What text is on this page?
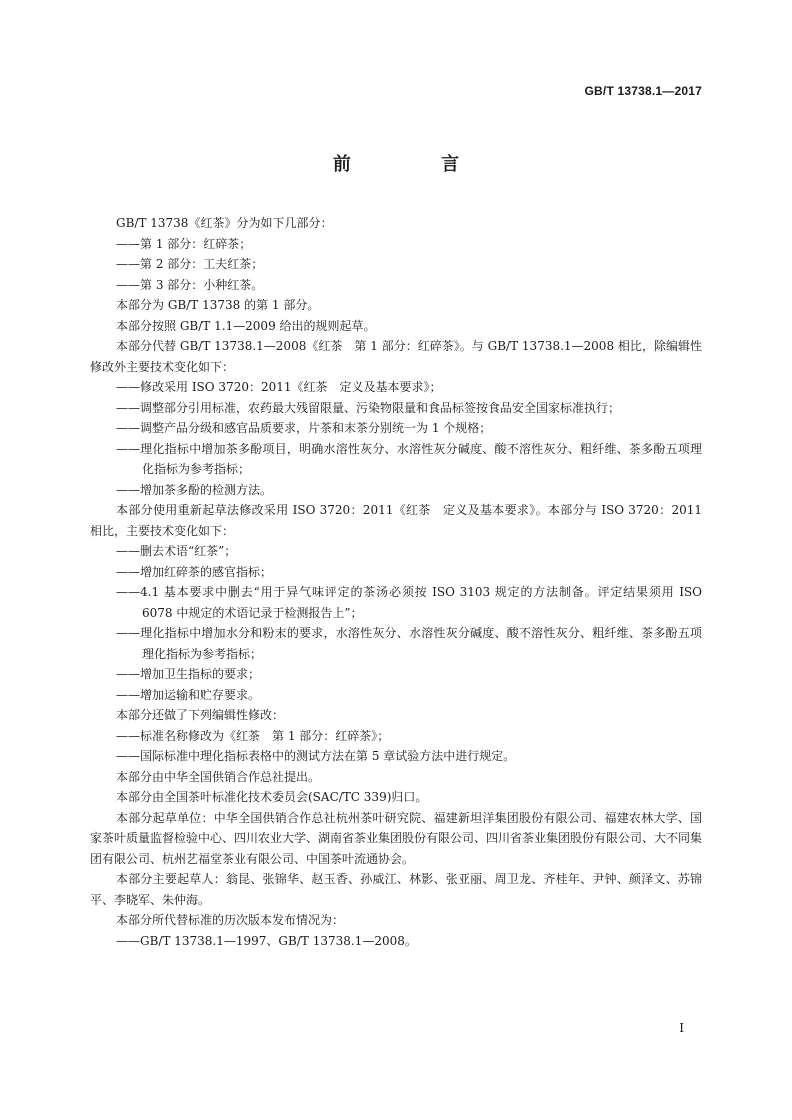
GB/T 13738.1—2017
前 言

GB/T 13738《红茶》分为如下几部分：

——第 1 部分：红碎茶；

——第 2 部分：工夫红茶；

——第 3 部分：小种红茶。

本部分为 GB/T 13738 的第 1 部分。

本部分按照 GB/T 1.1—2009 给出的规则起草。

本部分代替 GB/T 13738.1—2008《红茶　第 1 部分：红碎茶》。与 GB/T 13738.1—2008 相比，除编辑性修改外主要技术变化如下：

——修改采用 ISO 3720：2011《红茶　定义及基本要求》；

——调整部分引用标准，农药最大残留限量、污染物限量和食品标签按食品安全国家标准执行；

——调整产品分级和感官品质要求，片茶和末茶分别统一为 1 个规格；

——理化指标中增加茶多酚项目，明确水溶性灰分、水溶性灰分碱度、酸不溶性灰分、粗纤维、茶多酚五项理化指标为参考指标；

——增加茶多酚的检测方法。

本部分使用重新起草法修改采用 ISO 3720：2011《红茶　定义及基本要求》。本部分与 ISO 3720：2011 相比，主要技术变化如下：

——删去术语“红茶”；

——增加红碎茶的感官指标；

——4.1 基本要求中删去“用于异气味评定的茶汤必须按 ISO 3103 规定的方法制备。评定结果须用 ISO 6078 中规定的术语记录于检测报告上”；

——理化指标中增加水分和粉末的要求，水溶性灰分、水溶性灰分碱度、酸不溶性灰分、粗纤维、茶多酚五项理化指标为参考指标；

——增加卫生指标的要求；

——增加运输和贮存要求。

本部分还做了下列编辑性修改：

——标准名称修改为《红茶　第 1 部分：红碎茶》；

——国际标准中理化指标表格中的测试方法在第 5 章试验方法中进行规定。

本部分由中华全国供销合作总社提出。

本部分由全国茶叶标准化技术委员会(SAC/TC 339)归口。

本部分起草单位：中华全国供销合作总社杭州茶叶研究院、福建新坦洋集团股份有限公司、福建农林大学、国家茶叶质量监督检验中心、四川农业大学、湖南省茶业集团股份有限公司、四川省茶业集团股份有限公司、大不同集团有限公司、杭州艺福堂茶业有限公司、中国茶叶流通协会。

本部分主要起草人：翁昆、张锦华、赵玉香、孙威江、林影、张亚丽、周卫龙、齐桂年、尹钟、颜泽文、苏锦平、李晓军、朱仲海。

本部分所代替标准的历次版本发布情况为：

——GB/T 13738.1—1997、GB/T 13738.1—2008。

I
